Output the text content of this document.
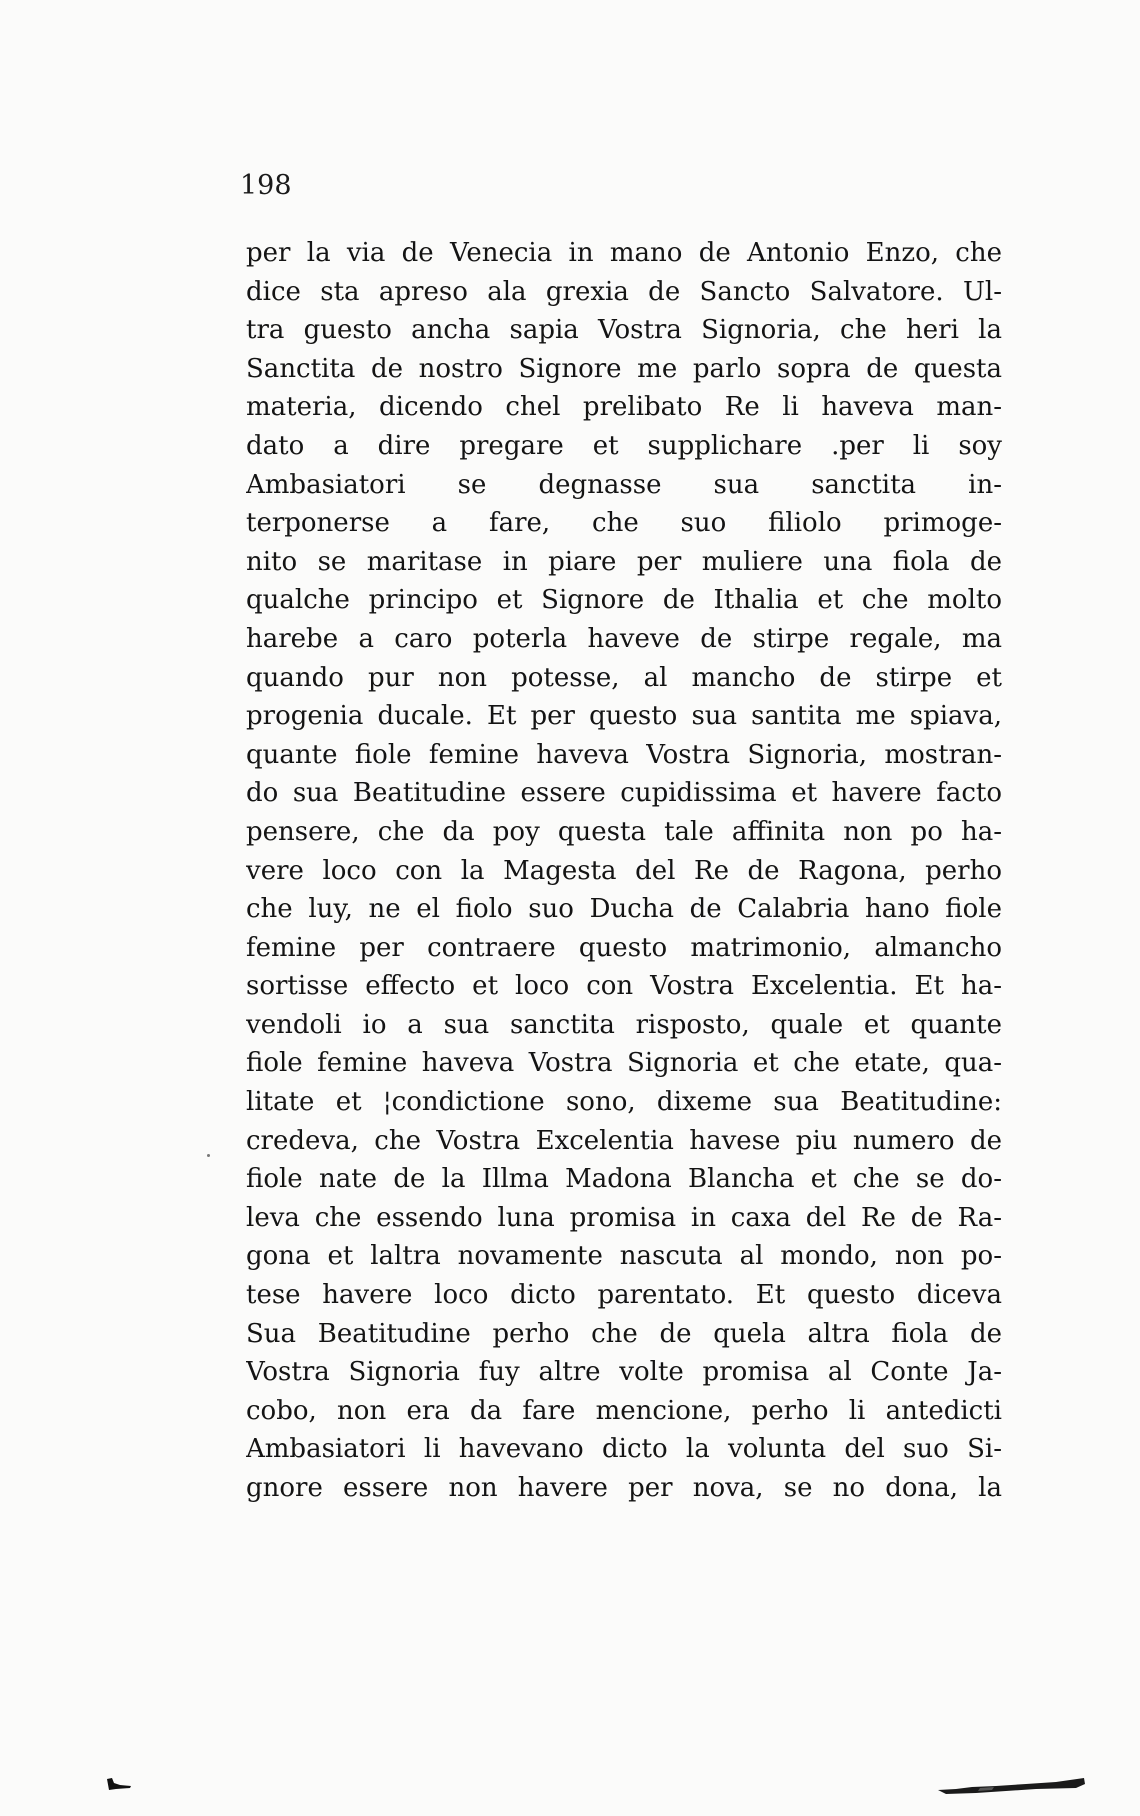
198
per la via de Venecia in mano de Antonio Enzo, che
dice sta apreso ala grexia de Sancto Salvatore. Ul-
tra guesto ancha sapia Vostra Signoria, che heri la
Sanctita de nostro Signore me parlo sopra de questa
materia, dicendo chel prelibato Re li haveva man-
dato a dire pregare et supplichare .per li soy
Ambasiatori se degnasse sua sanctita in-
terponerse a fare, che suo filiolo primoge-
nito se maritase in piare per muliere una fiola de
qualche principo et Signore de Ithalia et che molto
harebe a caro poterla haveve de stirpe regale, ma
quando pur non potesse, al mancho de stirpe et
progenia ducale. Et per questo sua santita me spiava,
quante fiole femine haveva Vostra Signoria, mostran-
do sua Beatitudine essere cupidissima et havere facto
pensere, che da poy questa tale affinita non po ha-
vere loco con la Magesta del Re de Ragona, perho
che luy, ne el fiolo suo Ducha de Calabria hano fiole
femine per contraere questo matrimonio, almancho
sortisse effecto et loco con Vostra Excelentia. Et ha-
vendoli io a sua sanctita risposto, quale et quante
fiole femine haveva Vostra Signoria et che etate, qua-
litate et ¦condictione sono, dixeme sua Beatitudine:
credeva, che Vostra Excelentia havese piu numero de
fiole nate de la Illma Madona Blancha et che se do-
leva che essendo luna promisa in caxa del Re de Ra-
gona et laltra novamente nascuta al mondo, non po-
tese havere loco dicto parentato. Et questo diceva
Sua Beatitudine perho che de quela altra fiola de
Vostra Signoria fuy altre volte promisa al Conte Ja-
cobo, non era da fare mencione, perho li antedicti
Ambasiatori li havevano dicto la volunta del suo Si-
gnore essere non havere per nova, se no dona, la
